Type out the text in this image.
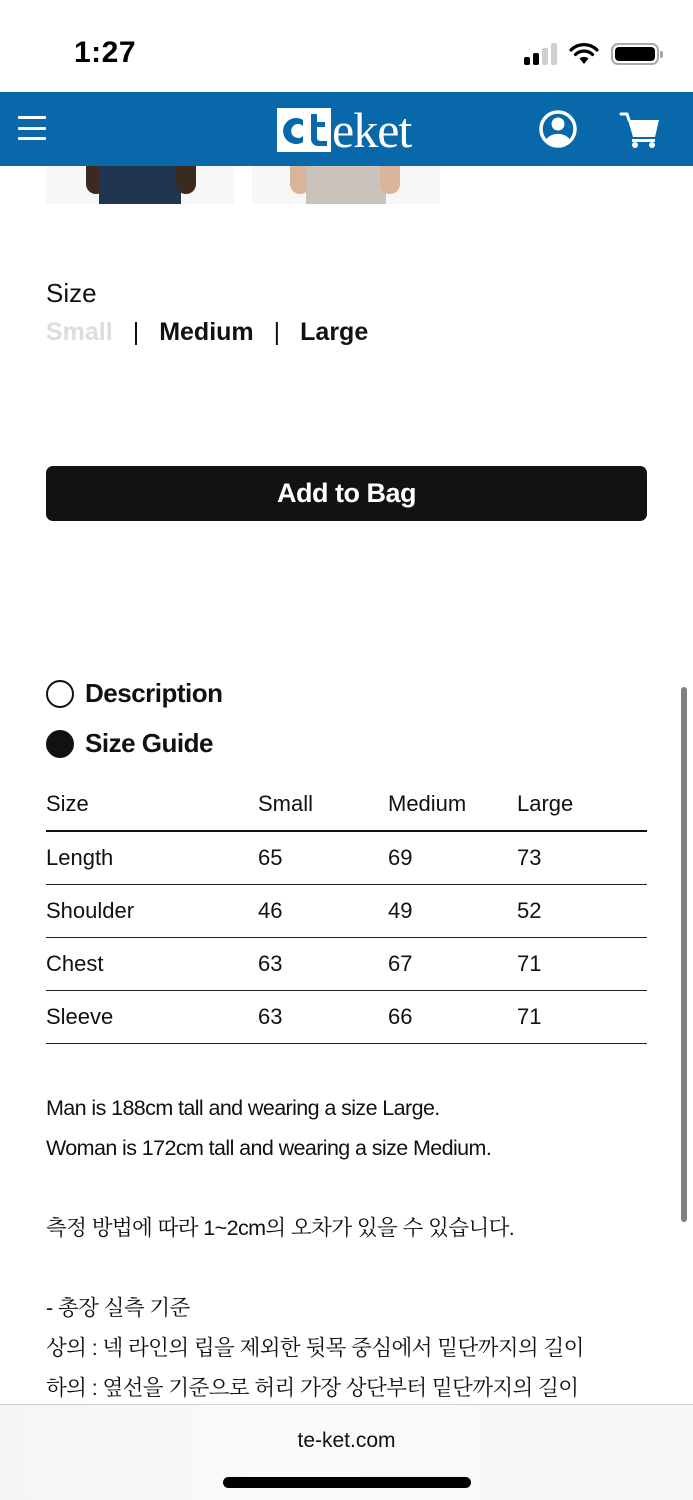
1:27
eket
Size
Small | Medium | Large
Add to Bag
Description
Size Guide
Size	Small	Medium	Large
Length	65	69	73
Shoulder	46	49	52
Chest	63	67	71
Sleeve	63	66	71

Man is 188cm tall and wearing a size Large.

Woman is 172cm tall and wearing a size Medium.

측정 방법에 따라 1~2cm의 오차가 있을 수 있습니다.

- 총장 실측 기준

상의 : 넥 라인의 립을 제외한 뒷목 중심에서 밑단까지의 길이

하의 : 옆선을 기준으로 허리 가장 상단부터 밑단까지의 길이

te-ket.com
